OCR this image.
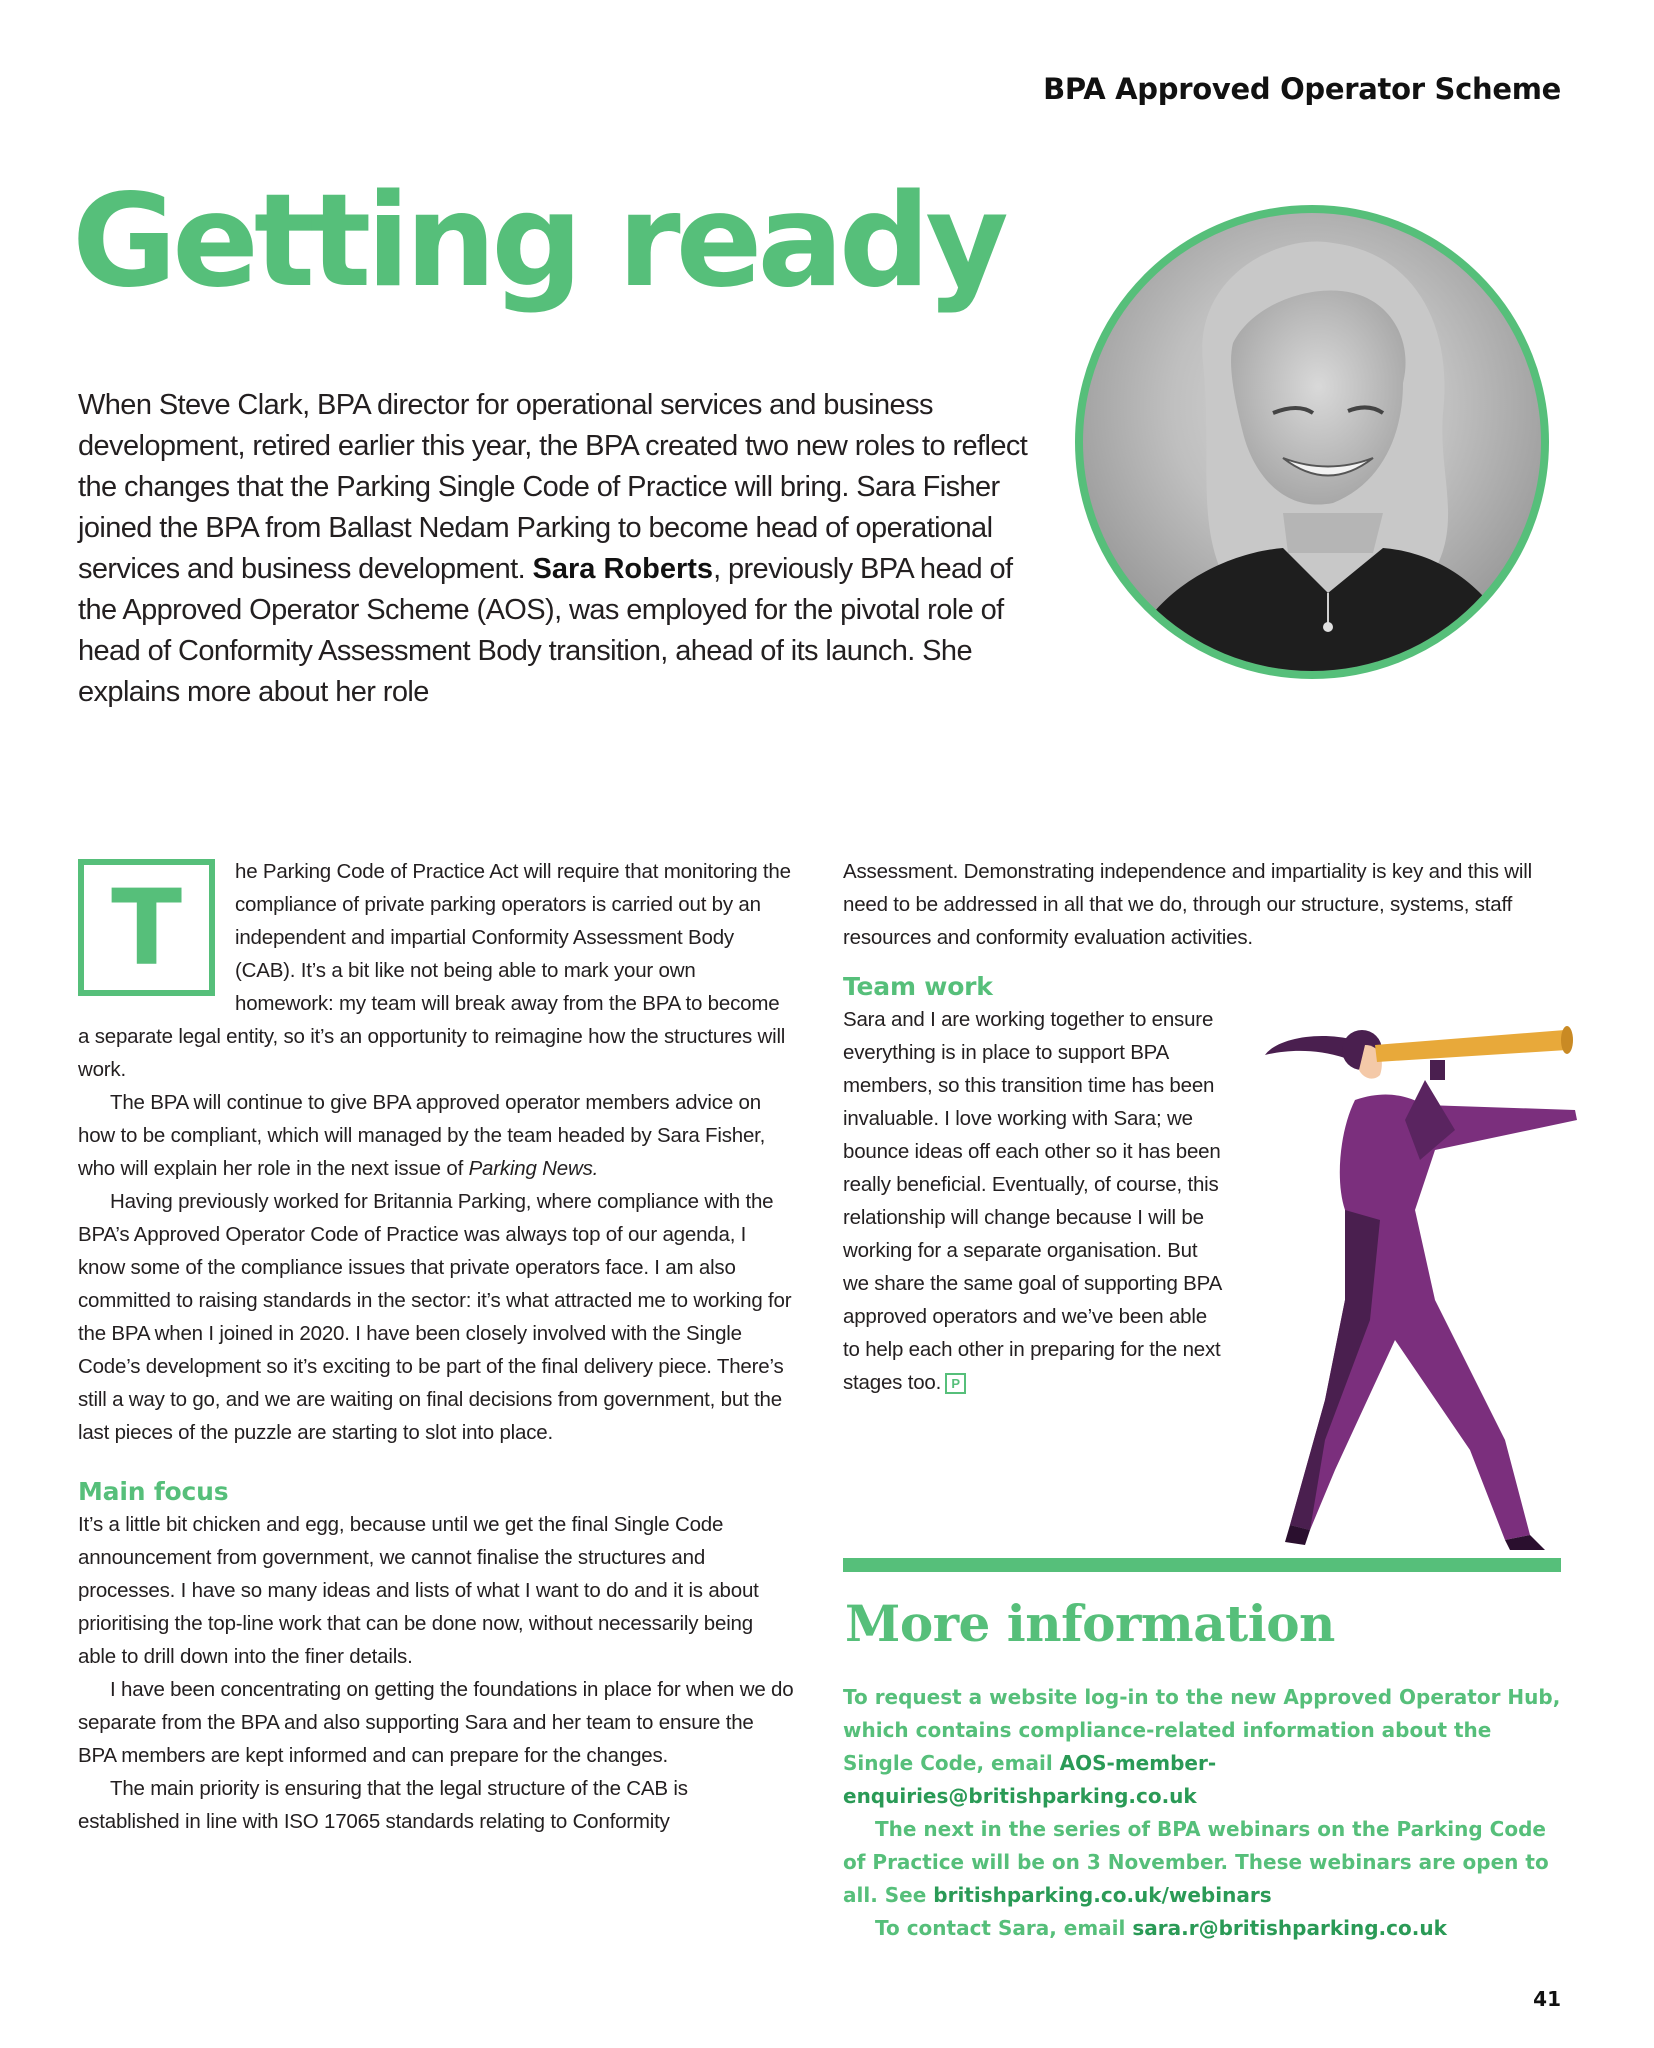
BPA Approved Operator Scheme
Getting ready

When Steve Clark, BPA director for operational services and business development, retired earlier this year, the BPA created two new roles to reflect the changes that the Parking Single Code of Practice will bring. Sara Fisher joined the BPA from Ballast Nedam Parking to become head of operational services and business development. Sara Roberts, previously BPA head of the Approved Operator Scheme (AOS), was employed for the pivotal role of head of Conformity Assessment Body transition, ahead of its launch. She explains more about her role

T	he Parking Code of Practice Act will require that monitoring the compliance of private parking operators is carried out by an independent and impartial Conformity Assessment Body (CAB). It’s a bit like not being able to mark your own homework: my team will break away from the BPA to become a separate legal entity, so it’s an opportunity to reimagine how the structures will work.

The BPA will continue to give BPA approved operator members advice on how to be compliant, which will managed by the team headed by Sara Fisher, who will explain her role in the next issue of Parking News.

Having previously worked for Britannia Parking, where compliance with the BPA’s Approved Operator Code of Practice was always top of our agenda, I know some of the compliance issues that private operators face. I am also committed to raising standards in the sector: it’s what attracted me to working for the BPA when I joined in 2020. I have been closely involved with the Single Code’s development so it’s exciting to be part of the final delivery piece. There’s still a way to go, and we are waiting on final decisions from government, but the last pieces of the puzzle are starting to slot into place.

Main focus

It’s a little bit chicken and egg, because until we get the final Single Code announcement from government, we cannot finalise the structures and processes. I have so many ideas and lists of what I want to do and it is about prioritising the top-line work that can be done now, without necessarily being able to drill down into the finer details.

I have been concentrating on getting the foundations in place for when we do separate from the BPA and also supporting Sara and her team to ensure the BPA members are kept informed and can prepare for the changes.

The main priority is ensuring that the legal structure of the CAB is established in line with ISO 17065 standards relating to Conformity

Assessment. Demonstrating independence and impartiality is key and this will need to be addressed in all that we do, through our structure, systems, staff resources and conformity evaluation activities.

Team work

Sara and I are working together to ensure everything is in place to support BPA members, so this transition time has been invaluable. I love working with Sara; we bounce ideas off each other so it has been really beneficial. Eventually, of course, this relationship will change because I will be working for a separate organisation. But we share the same goal of supporting BPA approved operators and we’ve been able to help each other in preparing for the next stages too. P

More information

To request a website log-in to the new Approved Operator Hub, which contains compliance-related information about the Single Code, email AOS-member-enquiries@britishparking.co.uk

The next in the series of BPA webinars on the Parking Code of Practice will be on 3 November. These webinars are open to all. See britishparking.co.uk/webinars

To contact Sara, email sara.r@britishparking.co.uk

41
